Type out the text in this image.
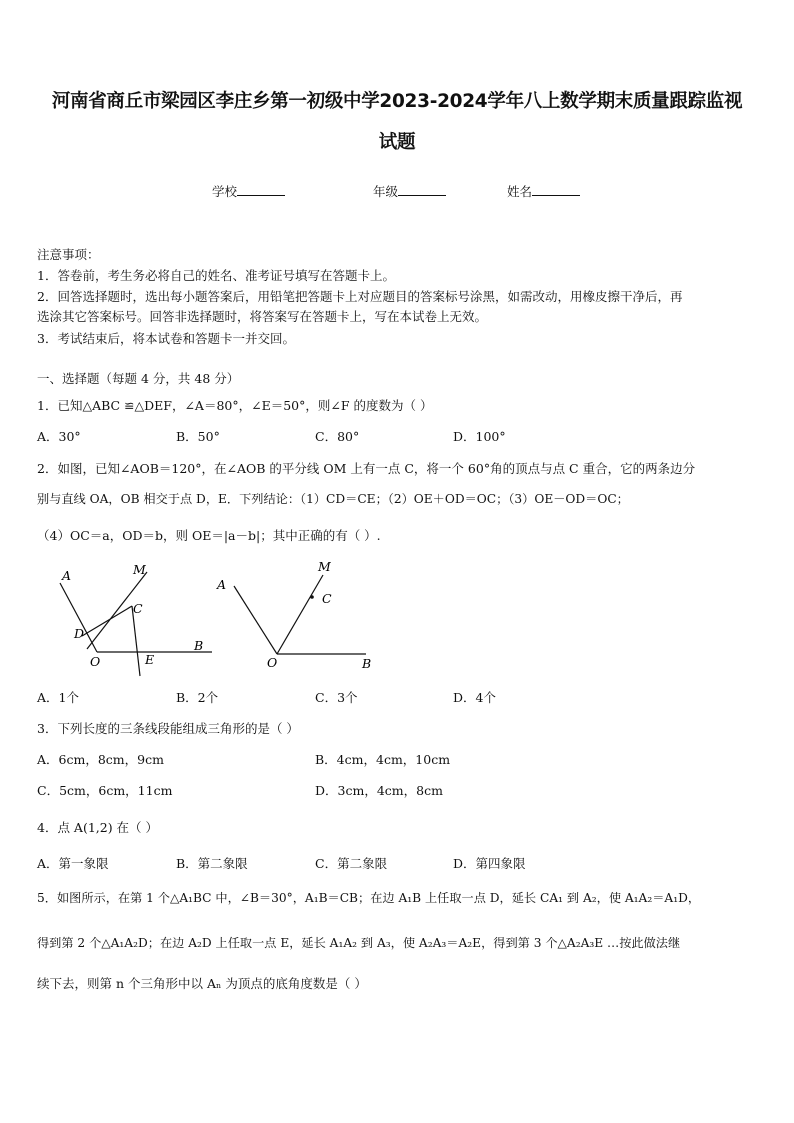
河南省商丘市梁园区李庄乡第一初级中学2023-2024学年八上数学期末质量跟踪监视
试题
学校	年级	姓名
注意事项：
1．答卷前，考生务必将自己的姓名、准考证号填写在答题卡上。
2．回答选择题时，选出每小题答案后，用铅笔把答题卡上对应题目的答案标号涂黑，如需改动，用橡皮擦干净后，再
选涂其它答案标号。回答非选择题时，将答案写在答题卡上，写在本试卷上无效。
3．考试结束后，将本试卷和答题卡一并交回。
一、选择题（每题 4 分，共 48 分）
1．已知△ABC ≌△DEF，∠A＝80°，∠E＝50°，则∠F 的度数为（ ）
A．30°	B．50°	C．80°	D．100°
2．如图，已知∠AOB＝120°，在∠AOB 的平分线 OM 上有一点 C，将一个 60°角的顶点与点 C 重合，它的两条边分
别与直线 OA，OB 相交于点 D，E．下列结论：（1）CD＝CE；（2）OE＋OD＝OC；（3）OE－OD＝OC；
（4）OC＝a，OD＝b，则 OE＝|a－b|；其中正确的有（ ）.
A	M
C
D
O	E
B
A
M
C
O	B
A．1个	B．2个	C．3个	D．4个
3．下列长度的三条线段能组成三角形的是（ ）
A．6cm，8cm，9cm	B．4cm，4cm，10cm
C．5cm，6cm，11cm	D．3cm，4cm，8cm
4．点 A(1,2) 在（ ）
A．第一象限	B．第二象限	C．第二象限	D．第四象限
5．如图所示，在第 1 个△A₁BC 中，∠B＝30°，A₁B＝CB；在边 A₁B 上任取一点 D，延长 CA₁ 到 A₂，使 A₁A₂＝A₁D，
得到第 2 个△A₁A₂D；在边 A₂D 上任取一点 E，延长 A₁A₂ 到 A₃，使 A₂A₃＝A₂E，得到第 3 个△A₂A₃E …按此做法继
续下去，则第 n 个三角形中以 Aₙ 为顶点的底角度数是（ ）
